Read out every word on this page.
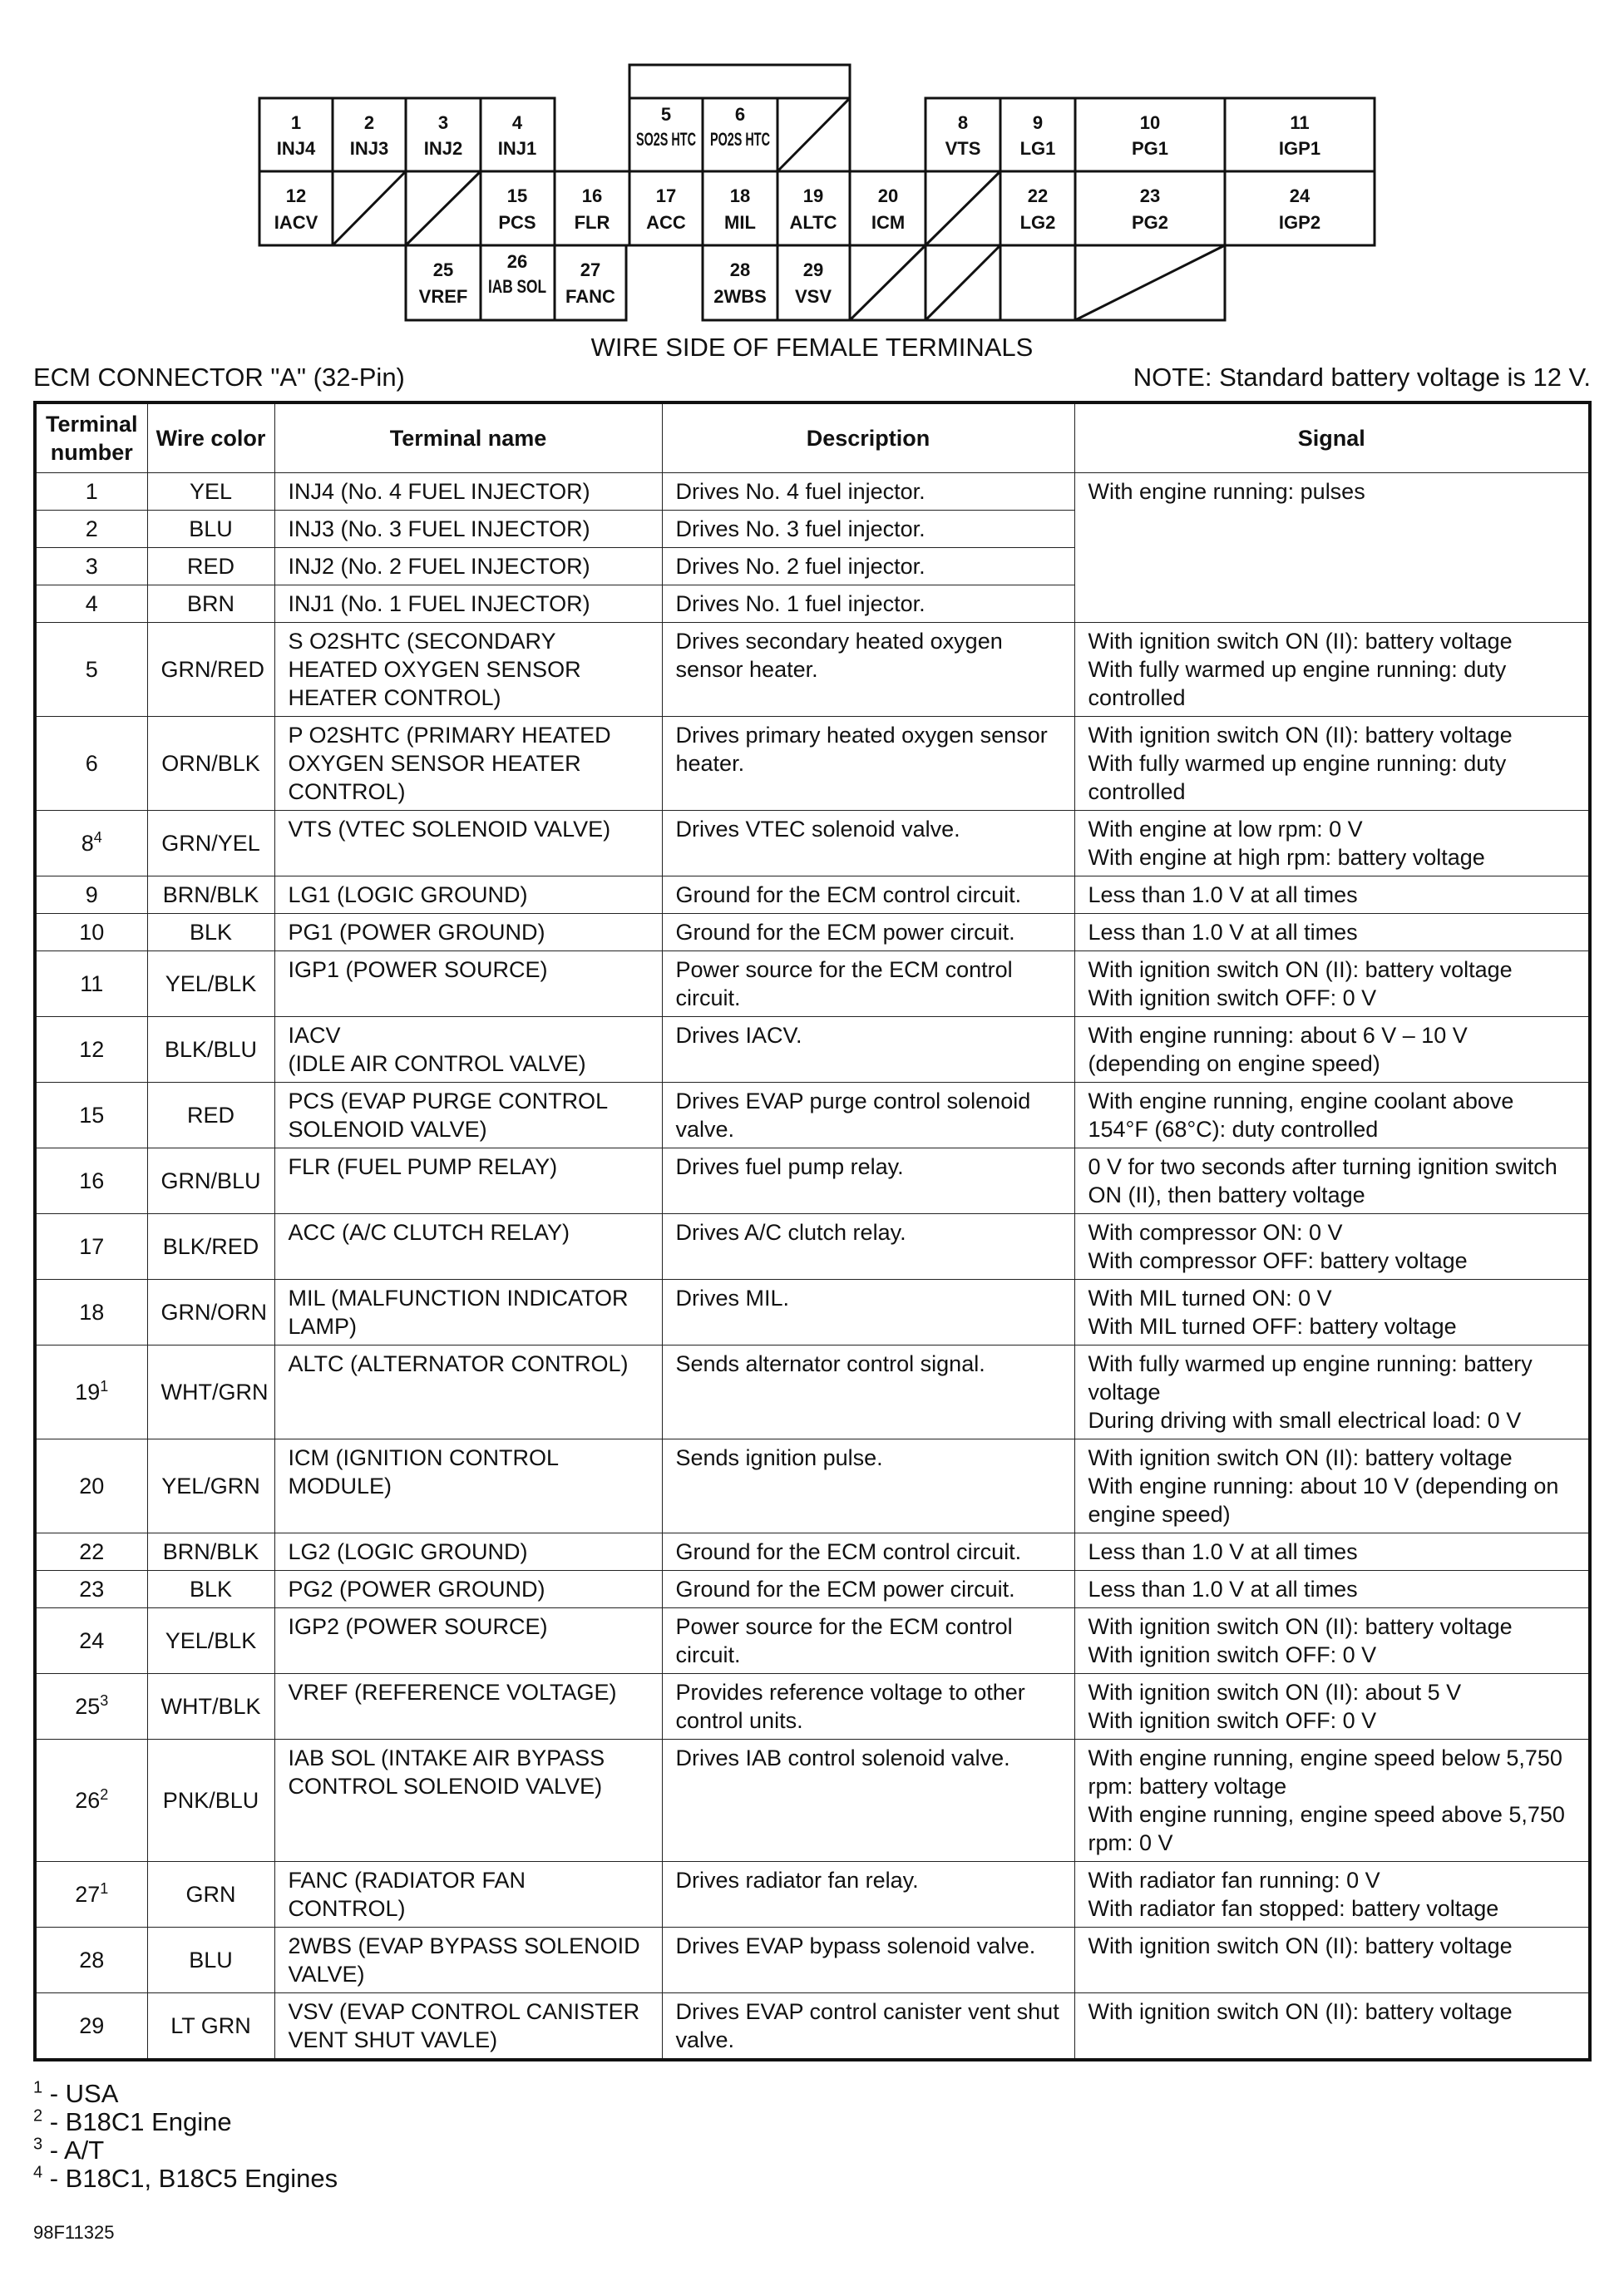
1
INJ4
2
INJ3
3
INJ2
4
INJ1
5
SO2S HTC
6
PO2S HTC
8
VTS
9
LG1
10
PG1
11
IGP1
12
IACV
15
PCS
16
FLR
17
ACC
18
MIL
19
ALTC
20
ICM
22
LG2
23
PG2
24
IGP2
25
VREF
26
IAB SOL
27
FANC
28
2WBS
29
VSV
WIRE SIDE OF FEMALE TERMINALS
ECM CONNECTOR "A" (32-Pin)	NOTE: Standard battery voltage is 12 V.
Terminal number	Wire color	Terminal name	Description	Signal
1	YEL	INJ4 (No. 4 FUEL INJECTOR)	Drives No. 4 fuel injector.	With engine running: pulses
2	BLU	INJ3 (No. 3 FUEL INJECTOR)	Drives No. 3 fuel injector.	
3	RED	INJ2 (No. 2 FUEL INJECTOR)	Drives No. 2 fuel injector.	
4	BRN	INJ1 (No. 1 FUEL INJECTOR)	Drives No. 1 fuel injector.	
5	GRN/RED	S O2SHTC (SECONDARY HEATED OXYGEN SENSOR HEATER CONTROL)	Drives secondary heated oxygen sensor heater.	With ignition switch ON (II): battery voltage
With fully warmed up engine running: duty controlled
6	ORN/BLK	P O2SHTC (PRIMARY HEATED OXYGEN SENSOR HEATER CONTROL)	Drives primary heated oxygen sensor heater.	With ignition switch ON (II): battery voltage
With fully warmed up engine running: duty controlled
$8^4$	GRN/YEL	VTS (VTEC SOLENOID VALVE)	Drives VTEC solenoid valve.	With engine at low rpm: 0 V
With engine at high rpm: battery voltage
9	BRN/BLK	LG1 (LOGIC GROUND)	Ground for the ECM control circuit.	Less than 1.0 V at all times
10	BLK	PG1 (POWER GROUND)	Ground for the ECM power circuit.	Less than 1.0 V at all times
11	YEL/BLK	IGP1 (POWER SOURCE)	Power source for the ECM control circuit.	With ignition switch ON (II): battery voltage
With ignition switch OFF: 0 V
12	BLK/BLU	IACV
(IDLE AIR CONTROL VALVE)	Drives IACV.	With engine running: about 6 V – 10 V (depending on engine speed)
15	RED	PCS (EVAP PURGE CONTROL SOLENOID VALVE)	Drives EVAP purge control solenoid valve.	With engine running, engine coolant above 154°F (68°C): duty controlled
16	GRN/BLU	FLR (FUEL PUMP RELAY)	Drives fuel pump relay.	0 V for two seconds after turning ignition switch ON (II), then battery voltage
17	BLK/RED	ACC (A/C CLUTCH RELAY)	Drives A/C clutch relay.	With compressor ON: 0 V
With compressor OFF: battery voltage
18	GRN/ORN	MIL (MALFUNCTION INDICATOR LAMP)	Drives MIL.	With MIL turned ON: 0 V
With MIL turned OFF: battery voltage
$19^1$	WHT/GRN	ALTC (ALTERNATOR CONTROL)	Sends alternator control signal.	With fully warmed up engine running: battery voltage
During driving with small electrical load: 0 V
20	YEL/GRN	ICM (IGNITION CONTROL MODULE)	Sends ignition pulse.	With ignition switch ON (II): battery voltage
With engine running: about 10 V (depending on engine speed)
22	BRN/BLK	LG2 (LOGIC GROUND)	Ground for the ECM control circuit.	Less than 1.0 V at all times
23	BLK	PG2 (POWER GROUND)	Ground for the ECM power circuit.	Less than 1.0 V at all times
24	YEL/BLK	IGP2 (POWER SOURCE)	Power source for the ECM control circuit.	With ignition switch ON (II): battery voltage
With ignition switch OFF: 0 V
$25^3$	WHT/BLK	VREF (REFERENCE VOLTAGE)	Provides reference voltage to other control units.	With ignition switch ON (II): about 5 V
With ignition switch OFF: 0 V
$26^2$	PNK/BLU	IAB SOL (INTAKE AIR BYPASS CONTROL SOLENOID VALVE)	Drives IAB control solenoid valve.	With engine running, engine speed below 5,750 rpm: battery voltage
With engine running, engine speed above 5,750 rpm: 0 V
$27^1$	GRN	FANC (RADIATOR FAN CONTROL)	Drives radiator fan relay.	With radiator fan running: 0 V
With radiator fan stopped: battery voltage
28	BLU	2WBS (EVAP BYPASS SOLENOID VALVE)	Drives EVAP bypass solenoid valve.	With ignition switch ON (II): battery voltage
29	LT GRN	VSV (EVAP CONTROL CANISTER VENT SHUT VAVLE)	Drives EVAP control canister vent shut valve.	With ignition switch ON (II): battery voltage
$^1$ - USA
$^2$ - B18C1 Engine
$^3$ - A/T
$^4$ - B18C1, B18C5 Engines
98F11325
